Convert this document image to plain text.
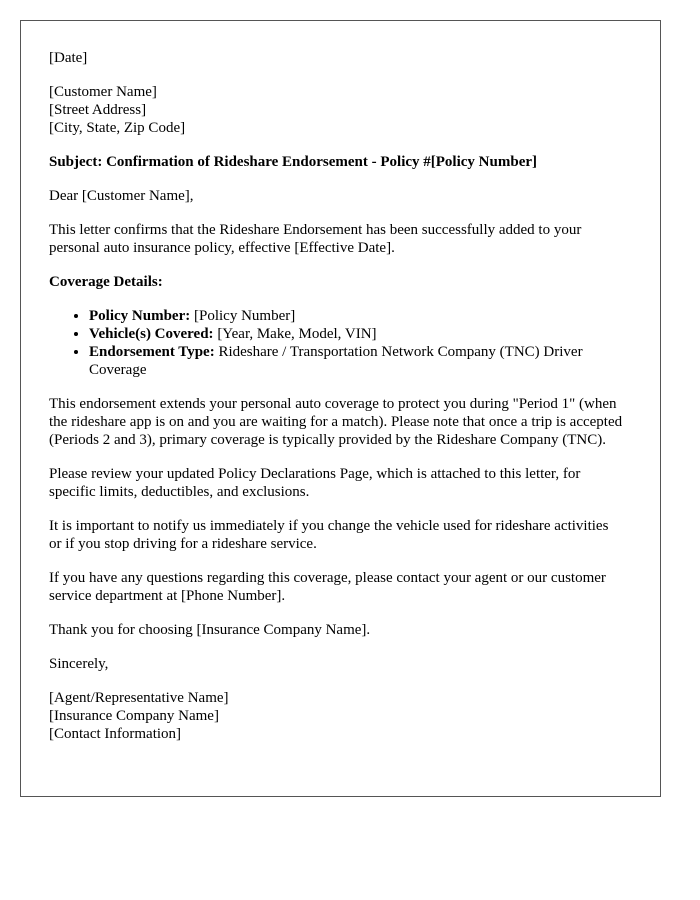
[Date]

[Customer Name]
[Street Address]
[City, State, Zip Code]

Subject: Confirmation of Rideshare Endorsement - Policy #[Policy Number]

Dear [Customer Name],

This letter confirms that the Rideshare Endorsement has been successfully added to your personal auto insurance policy, effective [Effective Date].

Coverage Details:

• Policy Number: [Policy Number]
• Vehicle(s) Covered: [Year, Make, Model, VIN]
• Endorsement Type: Rideshare / Transportation Network Company (TNC) Driver Coverage

This endorsement extends your personal auto coverage to protect you during "Period 1" (when the rideshare app is on and you are waiting for a match). Please note that once a trip is accepted (Periods 2 and 3), primary coverage is typically provided by the Rideshare Company (TNC).

Please review your updated Policy Declarations Page, which is attached to this letter, for specific limits, deductibles, and exclusions.

It is important to notify us immediately if you change the vehicle used for rideshare activities or if you stop driving for a rideshare service.

If you have any questions regarding this coverage, please contact your agent or our customer service department at [Phone Number].

Thank you for choosing [Insurance Company Name].

Sincerely,

[Agent/Representative Name]
[Insurance Company Name]
[Contact Information]
